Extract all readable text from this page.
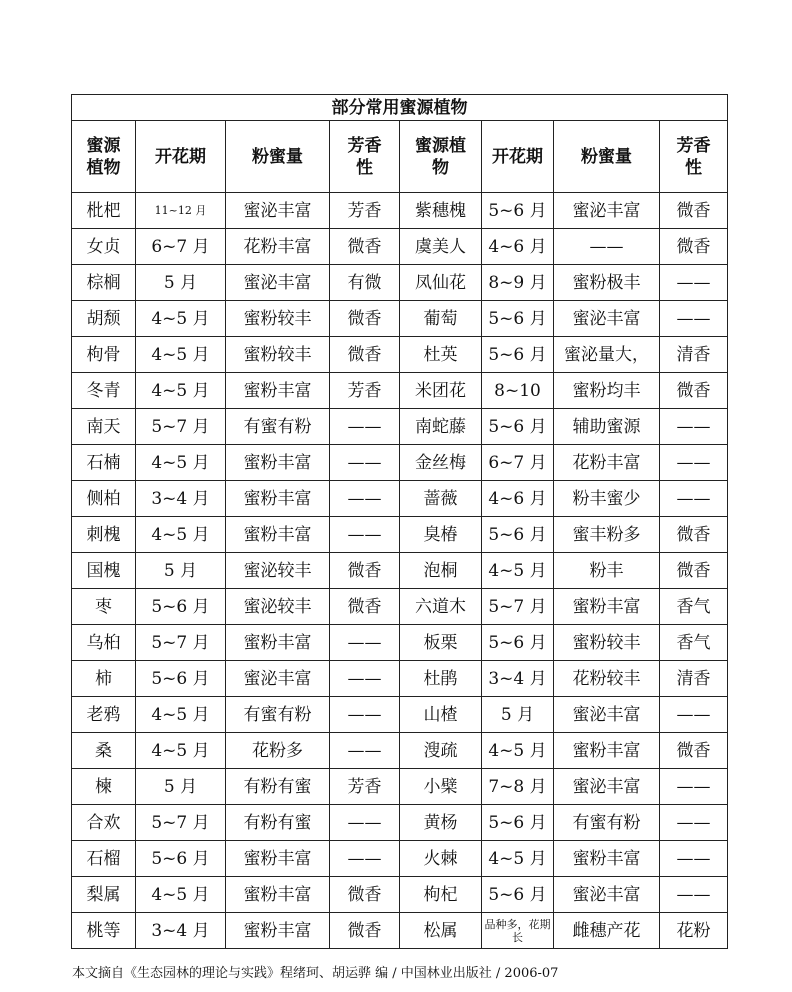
部分常用蜜源植物							
蜜源植物	开花期	粉蜜量	芳香性	蜜源植物	开花期	粉蜜量	芳香性
枇杷	11~12 月	蜜泌丰富	芳香	紫穗槐	5~6 月	蜜泌丰富	微香
女贞	6~7 月	花粉丰富	微香	虞美人	4~6 月	——	微香
棕榈	5 月	蜜泌丰富	有微	凤仙花	8~9 月	蜜粉极丰	——
胡颓	4~5 月	蜜粉较丰	微香	葡萄	5~6 月	蜜泌丰富	——
枸骨	4~5 月	蜜粉较丰	微香	杜英	5~6 月	蜜泌量大，	清香
冬青	4~5 月	蜜粉丰富	芳香	米团花	8~10	蜜粉均丰	微香
南天	5~7 月	有蜜有粉	——	南蛇藤	5~6 月	辅助蜜源	——
石楠	4~5 月	蜜粉丰富	——	金丝梅	6~7 月	花粉丰富	——
侧柏	3~4 月	蜜粉丰富	——	蔷薇	4~6 月	粉丰蜜少	——
刺槐	4~5 月	蜜粉丰富	——	臭椿	5~6 月	蜜丰粉多	微香
国槐	5 月	蜜泌较丰	微香	泡桐	4~5 月	粉丰	微香
枣	5~6 月	蜜泌较丰	微香	六道木	5~7 月	蜜粉丰富	香气
乌桕	5~7 月	蜜粉丰富	——	板栗	5~6 月	蜜粉较丰	香气
柿	5~6 月	蜜泌丰富	——	杜鹃	3~4 月	花粉较丰	清香
老鸦	4~5 月	有蜜有粉	——	山楂	5 月	蜜泌丰富	——
桑	4~5 月	花粉多	——	溲疏	4~5 月	蜜粉丰富	微香
楝	5 月	有粉有蜜	芳香	小檗	7~8 月	蜜泌丰富	——
合欢	5~7 月	有粉有蜜	——	黄杨	5~6 月	有蜜有粉	——
石榴	5~6 月	蜜粉丰富	——	火棘	4~5 月	蜜粉丰富	——
梨属	4~5 月	蜜粉丰富	微香	枸杞	5~6 月	蜜泌丰富	——
桃等	3~4 月	蜜粉丰富	微香	松属	品种多，花期长	雌穗产花	花粉
本文摘自《生态园林的理论与实践》程绪珂、胡运骅 编 / 中国林业出版社 / 2006-07
